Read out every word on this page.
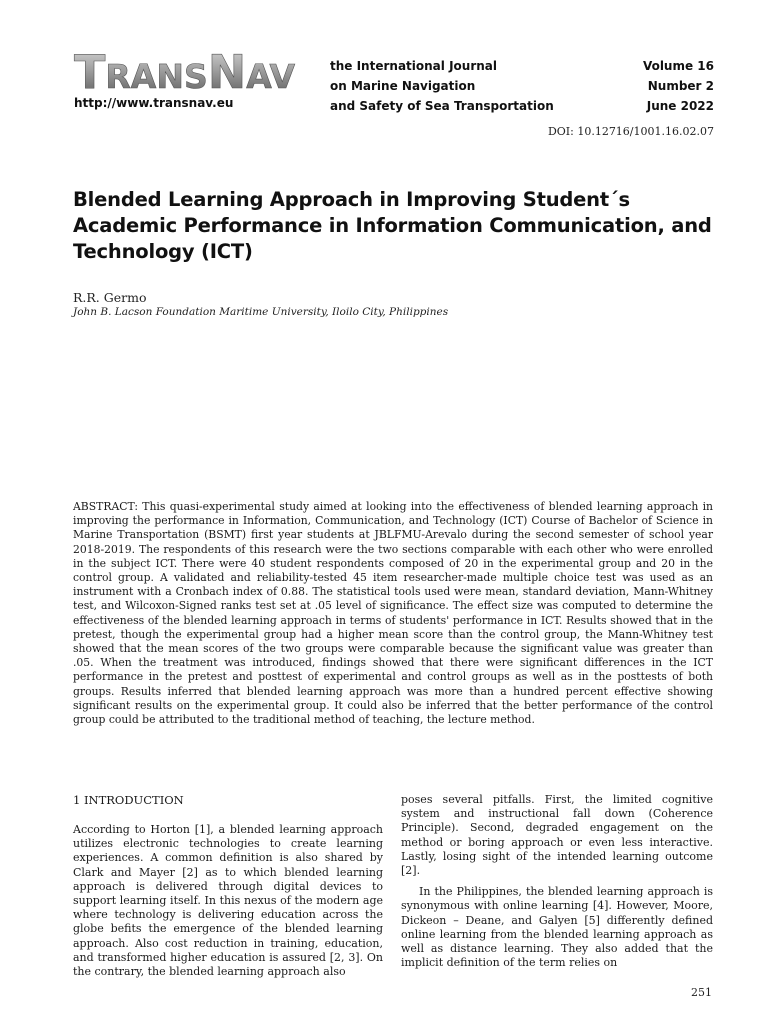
TRANSNAV
http://www.transnav.eu
the International Journal
on Marine Navigation
and Safety of Sea Transportation
Volume 16
Number 2
June 2022
DOI: 10.12716/1001.16.02.07
Blended Learning Approach in Improving Student´s Academic Performance in Information Communication, and Technology (ICT)
R.R. Germo
John B. Lacson Foundation Maritime University, Iloilo City, Philippines
ABSTRACT: This quasi-experimental study aimed at looking into the effectiveness of blended learning approach in improving the performance in Information, Communication, and Technology (ICT) Course of Bachelor of Science in Marine Transportation (BSMT) first year students at JBLFMU-Arevalo during the second semester of school year 2018-2019. The respondents of this research were the two sections comparable with each other who were enrolled in the subject ICT. There were 40 student respondents composed of 20 in the experimental group and 20 in the control group. A validated and reliability-tested 45 item researcher-made multiple choice test was used as an instrument with a Cronbach index of 0.88. The statistical tools used were mean, standard deviation, Mann-Whitney test, and Wilcoxon-Signed ranks test set at .05 level of significance. The effect size was computed to determine the effectiveness of the blended learning approach in terms of students' performance in ICT. Results showed that in the pretest, though the experimental group had a higher mean score than the control group, the Mann-Whitney test showed that the mean scores of the two groups were comparable because the significant value was greater than .05. When the treatment was introduced, findings showed that there were significant differences in the ICT performance in the pretest and posttest of experimental and control groups as well as in the posttests of both groups. Results inferred that blended learning approach was more than a hundred percent effective showing significant results on the experimental group. It could also be inferred that the better performance of the control group could be attributed to the traditional method of teaching, the lecture method.
1 INTRODUCTION

According to Horton [1], a blended learning approach utilizes electronic technologies to create learning experiences. A common definition is also shared by Clark and Mayer [2] as to which blended learning approach is delivered through digital devices to support learning itself. In this nexus of the modern age where technology is delivering education across the globe befits the emergence of the blended learning approach. Also cost reduction in training, education, and transformed higher education is assured [2, 3]. On the contrary, the blended learning approach also

poses several pitfalls. First, the limited cognitive system and instructional fall down (Coherence Principle). Second, degraded engagement on the method or boring approach or even less interactive. Lastly, losing sight of the intended learning outcome [2].

In the Philippines, the blended learning approach is synonymous with online learning [4]. However, Moore, Dickeon – Deane, and Galyen [5] differently defined online learning from the blended learning approach as well as distance learning. They also added that the implicit definition of the term relies on

251
